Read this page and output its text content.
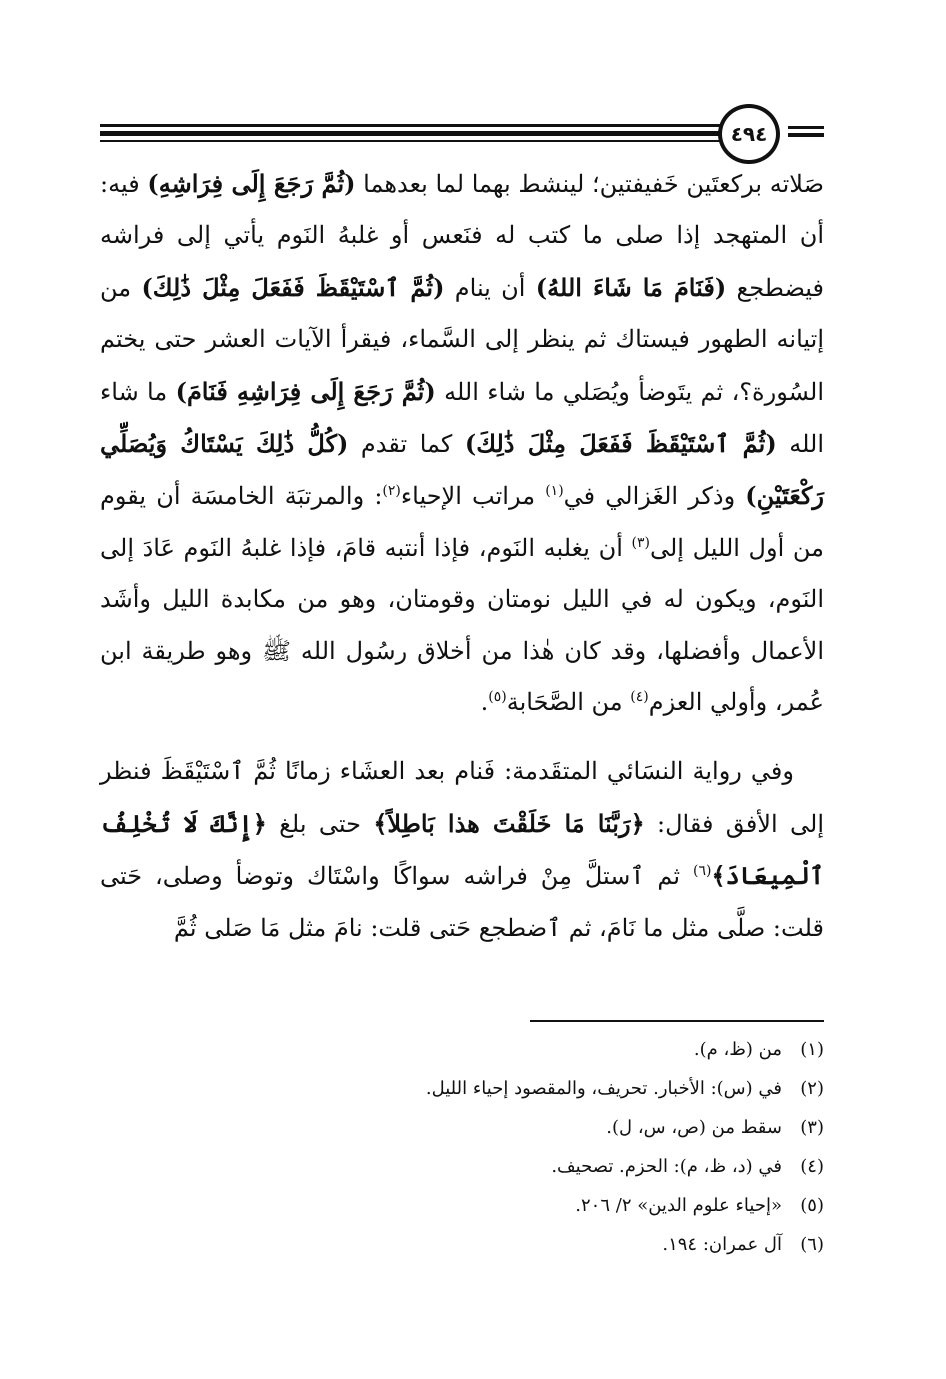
٤٩٤

صَلاته بركعتَين خَفيفتين؛ لينشط بهما لما بعدهما (ثُمَّ رَجَعَ إِلَى فِرَاشِهِ) فيه: أن المتهجد إذا صلى ما كتب له فنَعس أو غلبهُ النَوم يأتي إلى فراشه فيضطجع (فَنَامَ مَا شَاءَ اللهُ) أن ينام (ثُمَّ ٱسْتَيْقَظَ فَفَعَلَ مِثْلَ ذَٰلِكَ) من إتيانه الطهور فيستاك ثم ينظر إلى السَّماء، فيقرأ الآيات العشر حتى يختم السُورة؟، ثم يتَوضأ ويُصَلي ما شاء الله (ثُمَّ رَجَعَ إِلَى فِرَاشِهِ فَنَامَ) ما شاء الله (ثُمَّ ٱسْتَيْقَظَ فَفَعَلَ مِثْلَ ذَٰلِكَ) كما تقدم (كُلُّ ذَٰلِكَ يَسْتَاكُ وَيُصَلِّي رَكْعَتَيْنِ) وذكر الغَزالي في$^{(١)}$ مراتب الإحياء$^{(٢)}$: والمرتبَة الخامسَة أن يقوم من أول الليل إلى$^{(٣)}$ أن يغلبه النَوم، فإذا أنتبه قامَ، فإذا غلبهُ النَوم عَادَ إلى النَوم، ويكون له في الليل نومتان وقومتان، وهو من مكابدة الليل وأشَد الأعمال وأفضلها، وقد كان هٰذا من أخلاق رسُول الله ﷺ وهو طريقة ابن عُمر، وأولي العزم$^{(٤)}$ من الصَّحَابة$^{(٥)}$.

وفي رواية النسَائي المتقَدمة: فَنام بعد العشَاء زمانًا ثُمَّ ٱسْتَيْقَظَ فنظر إلى الأفق فقال: ﴿رَبَّنَا مَا خَلَقْتَ هذا بَاطِلاً﴾ حتى بلغ ﴿إِنَّكَ لَا تُخْلِفُ ٱلْمِيعَادَ﴾$^{(٦)}$ ثم ٱستلَّ مِنْ فراشه سواكًا واسْتَاك وتوضأ وصلى، حَتى قلت: صلَّى مثل ما نَامَ، ثم ٱضطجع حَتى قلت: نامَ مثل مَا صَلى ثُمَّ

(١)من (ظ، م).
(٢)في (س): الأخبار. تحريف، والمقصود إحياء الليل.
(٣)سقط من (ص، س، ل).
(٤)في (د، ظ، م): الحزم. تصحيف.
(٥)«إحياء علوم الدين» ٢/ ٢٠٦.
(٦)آل عمران: ١٩٤.
